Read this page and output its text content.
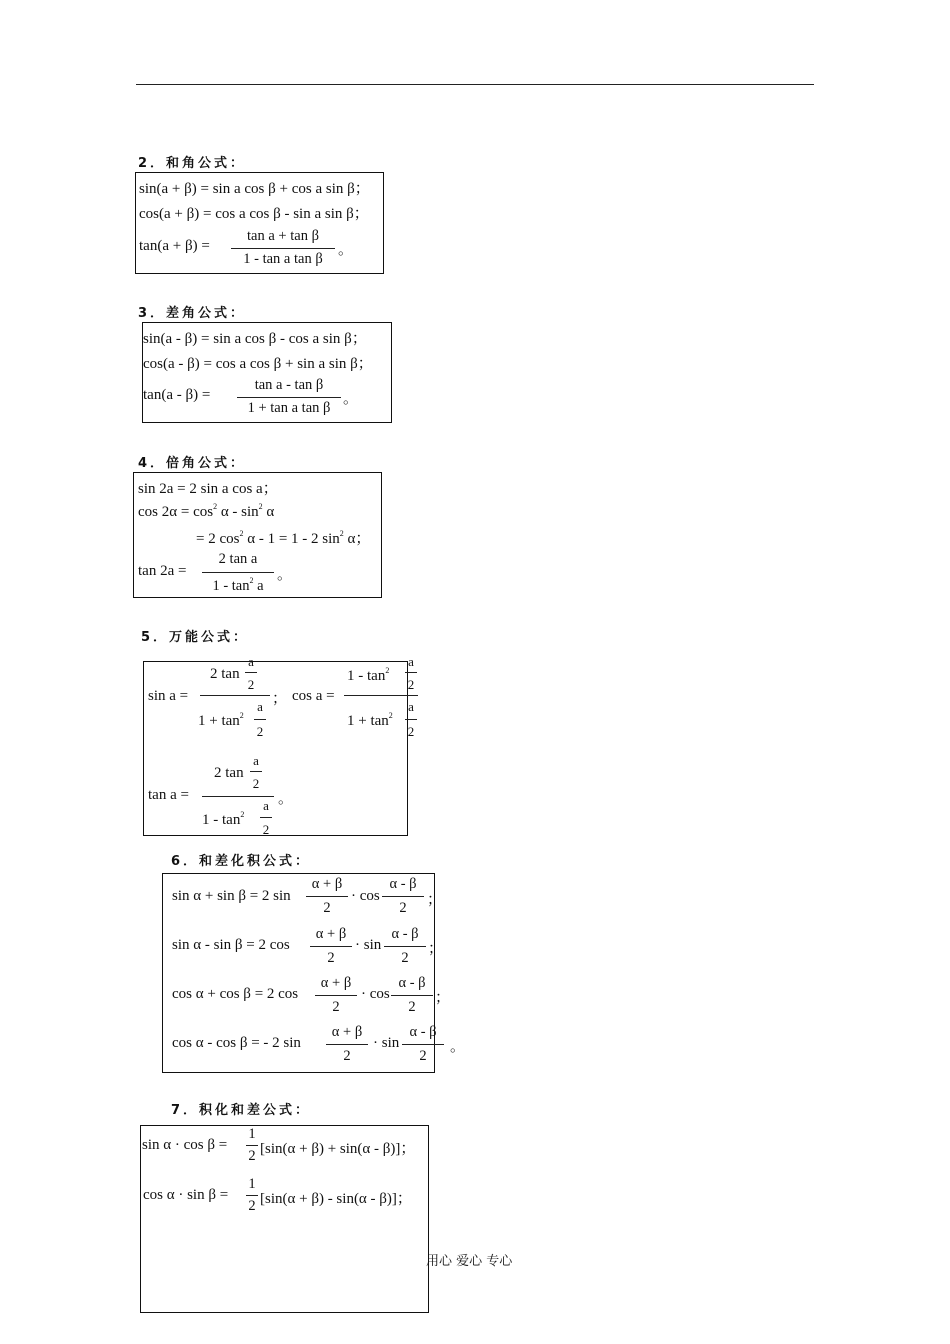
2．和角公式：
sin(a + β) = sin a cos β + cos a sin β；
cos(a + β) = cos a cos β - sin a sin β；
tan(a + β) =
tan a + tan β
1 - tan a tan β
。
3．差角公式：
sin(a - β) = sin a cos β - cos a sin β；
cos(a - β) = cos a cos β + sin a sin β；
tan(a - β) =
tan a - tan β
1 + tan a tan β
。
4．倍角公式：
sin 2a = 2 sin a cos a；
$\cos 2\alpha = \cos^2 \alpha - \sin^2 \alpha$
= 2 $\cos^2 \alpha - 1 = 1 - 2$ $\sin^2 \alpha$；
tan 2a =
2 tan a
$1 - \tan^2 a$
。
5．万能公式：
sin a =
2 tan
a
2
$1 + \tan^2$
a
2
； cos a =
$1 - \tan^2$
a
2
$1 + \tan^2$
a
2
tan a =
2 tan
a
2
$1 - \tan^2$
a
2
。
6．和差化积公式：
sin α + sin β = 2 sin
α + β
2
· cos
α - β
2	；
sin α - sin β = 2 cos
α + β
2
· sin
α - β
2
；
cos α + cos β = 2 cos
α + β
2
· cos
α - β
2
；
cos α - cos β = - 2 sin
α + β
2
· sin
α - β
2
。
7．积化和差公式：
sin α · cos β =
1
2 [sin(α + β) + sin(α - β)]；
cos α · sin β =
1
2 [sin(α + β) - sin(α - β)]；
用心 爱心 专心
